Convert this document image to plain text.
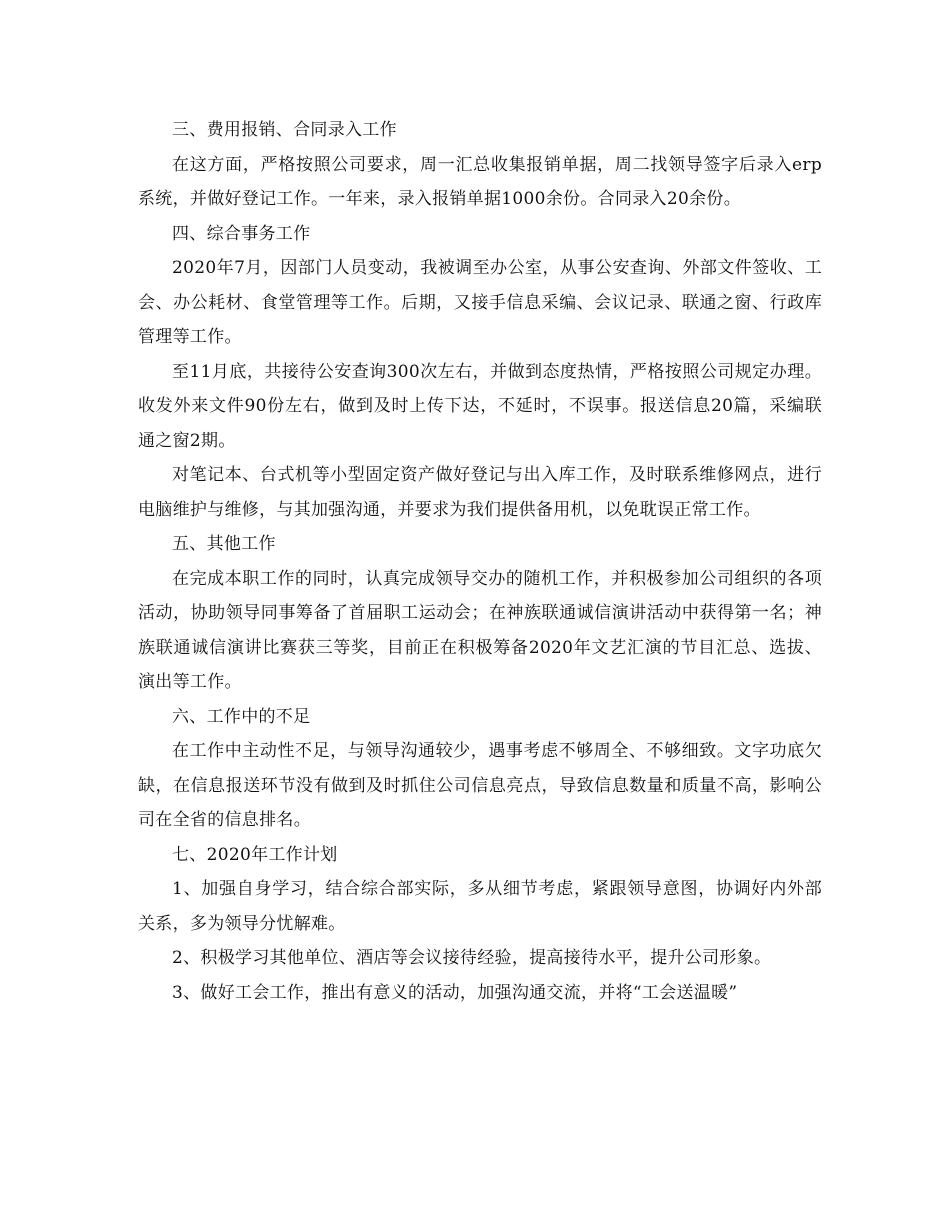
三、费用报销、合同录入工作

在这方面，严格按照公司要求，周一汇总收集报销单据，周二找领导签字后录入erp系统，并做好登记工作。一年来，录入报销单据1000余份。合同录入20余份。

四、综合事务工作

2020年7月，因部门人员变动，我被调至办公室，从事公安查询、外部文件签收、工会、办公耗材、食堂管理等工作。后期，又接手信息采编、会议记录、联通之窗、行政库管理等工作。

至11月底，共接待公安查询300次左右，并做到态度热情，严格按照公司规定办理。收发外来文件90份左右，做到及时上传下达，不延时，不误事。报送信息20篇，采编联通之窗2期。

对笔记本、台式机等小型固定资产做好登记与出入库工作，及时联系维修网点，进行电脑维护与维修，与其加强沟通，并要求为我们提供备用机，以免耽误正常工作。

五、其他工作

在完成本职工作的同时，认真完成领导交办的随机工作，并积极参加公司组织的各项活动，协助领导同事筹备了首届职工运动会；在神族联通诚信演讲活动中获得第一名；神族联通诚信演讲比赛获三等奖，目前正在积极筹备2020年文艺汇演的节目汇总、选拔、演出等工作。

六、工作中的不足

在工作中主动性不足，与领导沟通较少，遇事考虑不够周全、不够细致。文字功底欠缺，在信息报送环节没有做到及时抓住公司信息亮点，导致信息数量和质量不高，影响公司在全省的信息排名。

七、2020年工作计划

1、加强自身学习，结合综合部实际，多从细节考虑，紧跟领导意图，协调好内外部关系，多为领导分忧解难。

2、积极学习其他单位、酒店等会议接待经验，提高接待水平，提升公司形象。

3、做好工会工作，推出有意义的活动，加强沟通交流，并将“工会送温暖”
